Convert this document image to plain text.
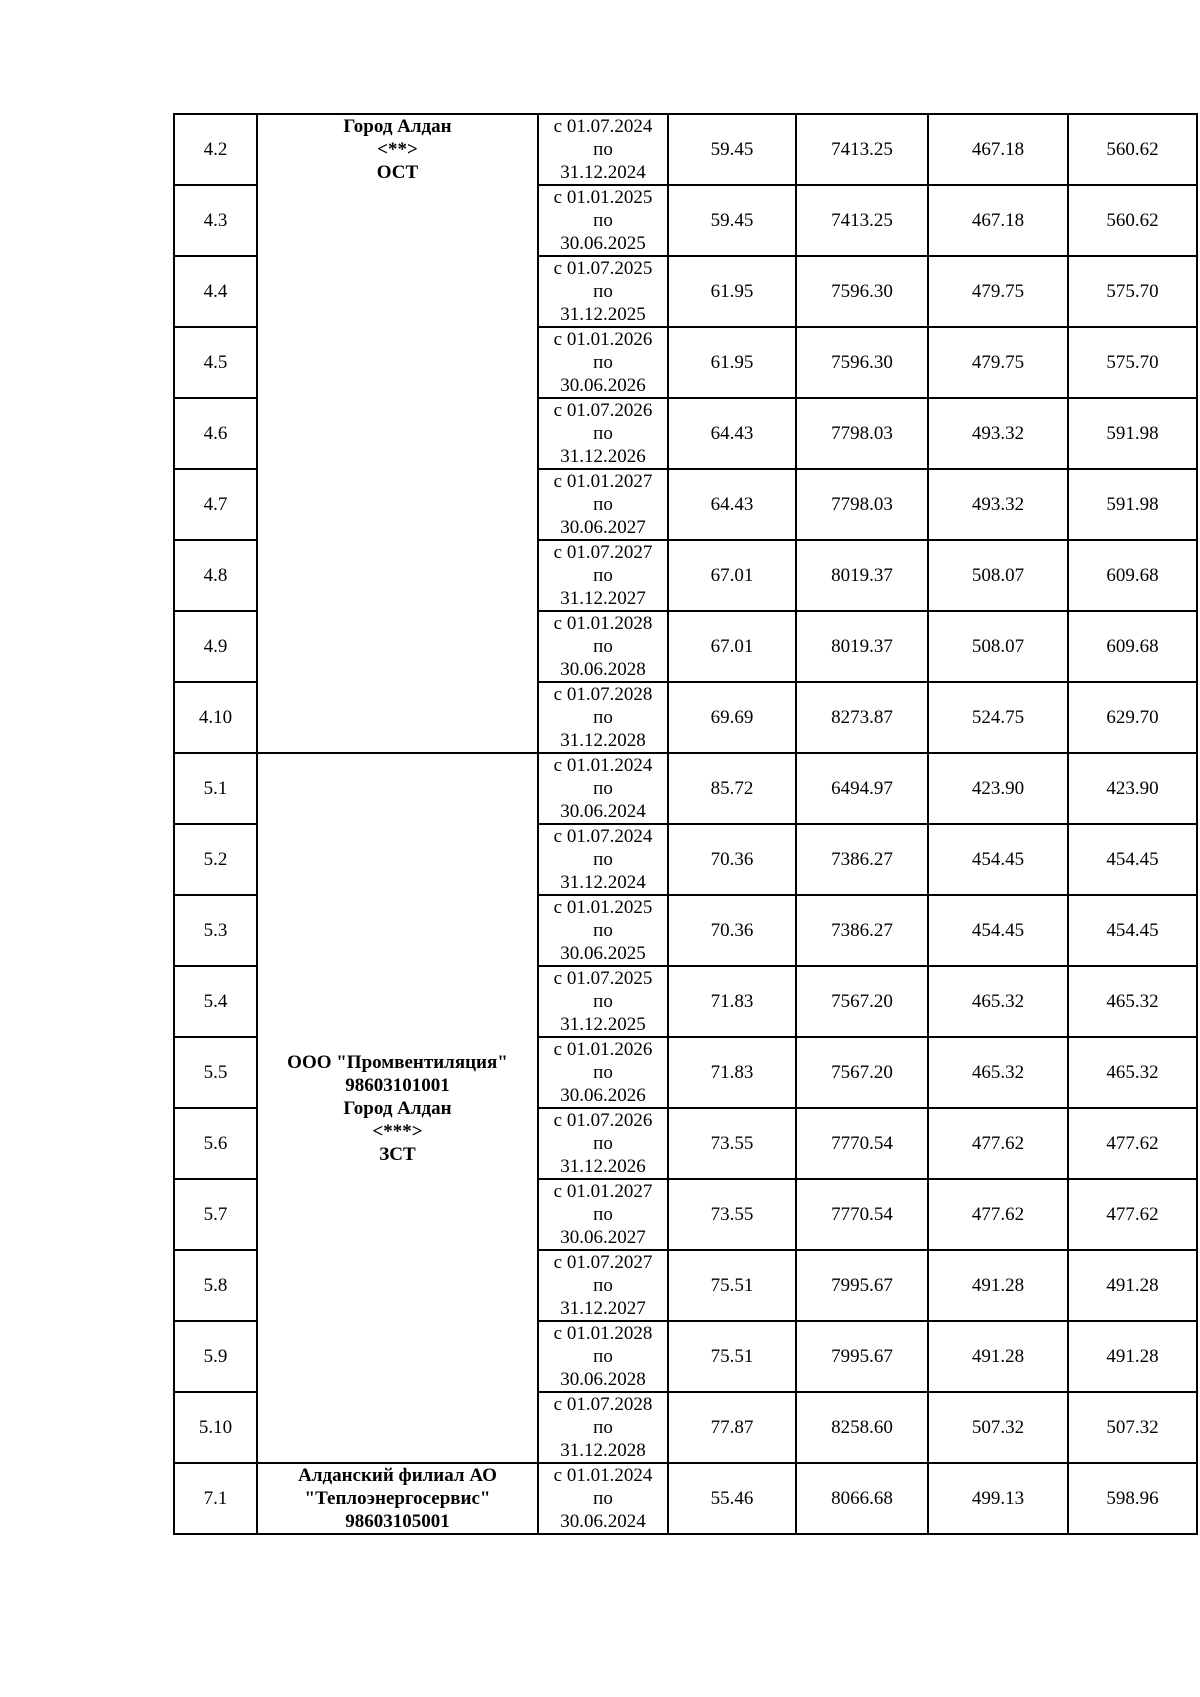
4.2	Город Алдан
<**>
ОСТ	с 01.07.2024
по
31.12.2024	59.45	7413.25	467.18	560.62
4.3		с 01.01.2025
по
30.06.2025	59.45	7413.25	467.18	560.62
4.4		с 01.07.2025
по
31.12.2025	61.95	7596.30	479.75	575.70
4.5		с 01.01.2026
по
30.06.2026	61.95	7596.30	479.75	575.70
4.6		с 01.07.2026
по
31.12.2026	64.43	7798.03	493.32	591.98
4.7		с 01.01.2027
по
30.06.2027	64.43	7798.03	493.32	591.98
4.8		с 01.07.2027
по
31.12.2027	67.01	8019.37	508.07	609.68
4.9		с 01.01.2028
по
30.06.2028	67.01	8019.37	508.07	609.68
4.10		с 01.07.2028
по
31.12.2028	69.69	8273.87	524.75	629.70
5.1	ООО "Промвентиляция"
98603101001
Город Алдан
<***>
ЗСТ	с 01.01.2024
по
30.06.2024	85.72	6494.97	423.90	423.90
5.2		с 01.07.2024
по
31.12.2024	70.36	7386.27	454.45	454.45
5.3		с 01.01.2025
по
30.06.2025	70.36	7386.27	454.45	454.45
5.4		с 01.07.2025
по
31.12.2025	71.83	7567.20	465.32	465.32
5.5		с 01.01.2026
по
30.06.2026	71.83	7567.20	465.32	465.32
5.6		с 01.07.2026
по
31.12.2026	73.55	7770.54	477.62	477.62
5.7		с 01.01.2027
по
30.06.2027	73.55	7770.54	477.62	477.62
5.8		с 01.07.2027
по
31.12.2027	75.51	7995.67	491.28	491.28
5.9		с 01.01.2028
по
30.06.2028	75.51	7995.67	491.28	491.28
5.10		с 01.07.2028
по
31.12.2028	77.87	8258.60	507.32	507.32
7.1	Алданский филиал АО
"Теплоэнергосервис"
98603105001	с 01.01.2024
по
30.06.2024	55.46	8066.68	499.13	598.96
